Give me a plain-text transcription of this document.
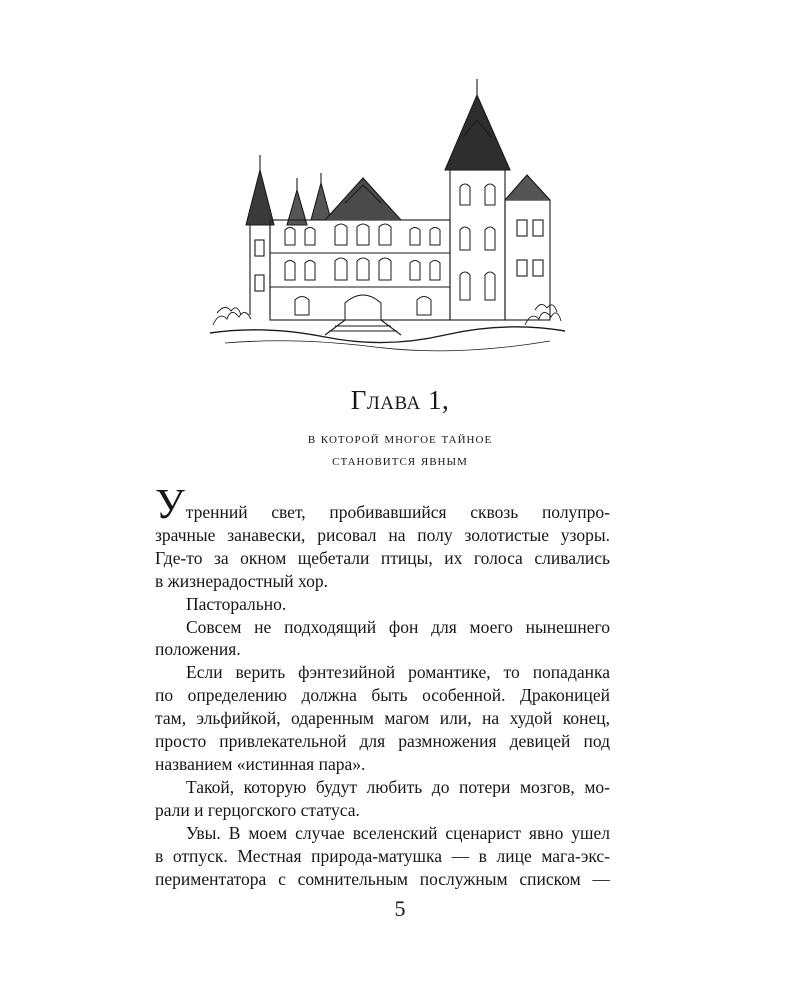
Глава 1,
в которой многое тайное
становится явным
Утренний свет, пробивавшийся сквозь полупро-
зрачные занавески, рисовал на полу золотистые узоры.
Где-то за окном щебетали птицы, их голоса сливались
в жизнерадостный хор.
Пасторально.
Совсем не подходящий фон для моего нынешнего
положения.
Если верить фэнтезийной романтике, то попаданка
по определению должна быть особенной. Драконицей
там, эльфийкой, одаренным магом или, на худой конец,
просто привлекательной для размножения девицей под
названием «истинная пара».
Такой, которую будут любить до потери мозгов, мо-
рали и герцогского статуса.
Увы. В моем случае вселенский сценарист явно ушел
в отпуск. Местная природа-матушка — в лице мага-экс-
периментатора с сомнительным послужным списком —
5
